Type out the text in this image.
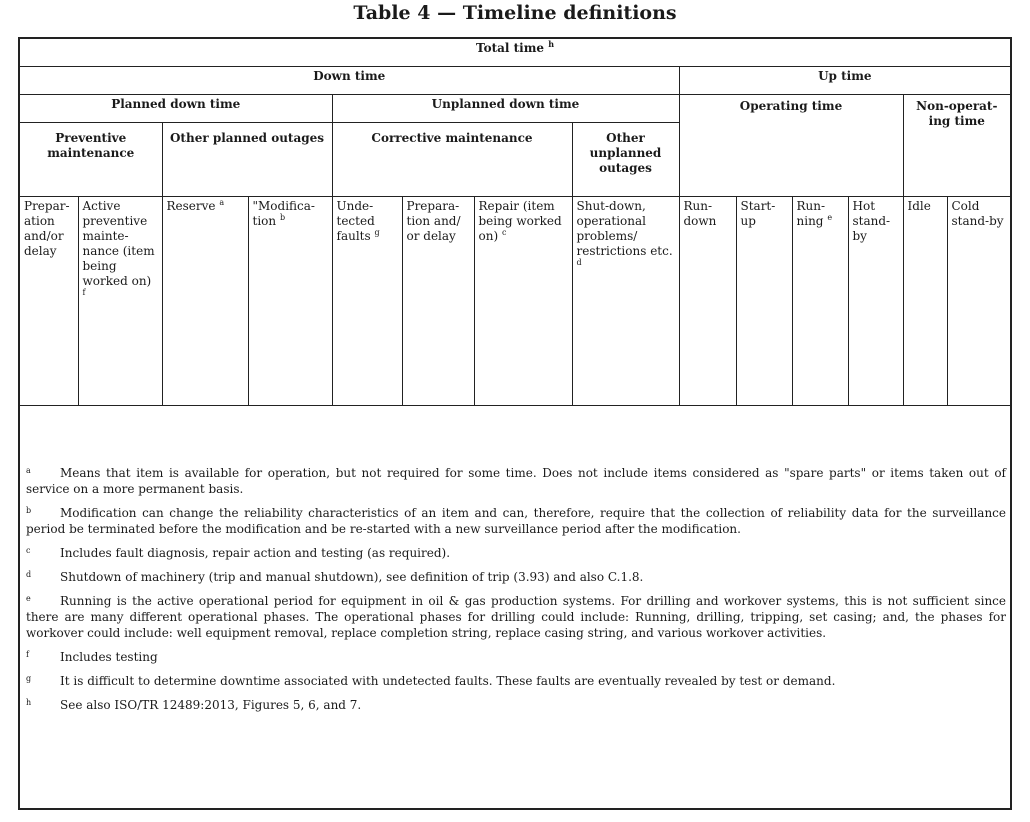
Table 4 — Timeline definitions
Total time $^h$
Down time								Up time					
Planned down time				Unplanned down time				Operating time				Non-operat-ing time	
Preventive maintenance		Other planned outages		Corrective maintenance			Other unplanned outages						
Prepar-ation and/or delay	Active preventive mainte-nance (item being worked on) $^f$	Reserve $^a$	"Modifica-tion $^b$	Unde-tected faults $^g$	Prepara-tion and/ or delay	Repair (item being worked on) $^c$	Shut-down, operational problems/ restrictions etc. $^d$	Run-down	Start-up	Run-ning $^e$	Hot stand-by	Idle	Cold stand-by
a	Means that item is available for operation, but not required for some time. Does not include items considered as "spare parts" or items taken out of service on a more permanent basis.
b	Modification can change the reliability characteristics of an item and can, therefore, require that the collection of reliability data for the surveillance period be terminated before the modification and be re-started with a new surveillance period after the modification.
c	Includes fault diagnosis, repair action and testing (as required).
d	Shutdown of machinery (trip and manual shutdown), see definition of trip (3.93) and also C.1.8.
e	Running is the active operational period for equipment in oil & gas production systems. For drilling and workover systems, this is not sufficient since there are many different operational phases. The operational phases for drilling could include: Running, drilling, tripping, set casing; and, the phases for workover could include: well equipment removal, replace completion string, replace casing string, and various workover activities.
f	Includes testing
g	It is difficult to determine downtime associated with undetected faults. These faults are eventually revealed by test or demand.
h	See also ISO/TR 12489:2013, Figures 5, 6, and 7.
